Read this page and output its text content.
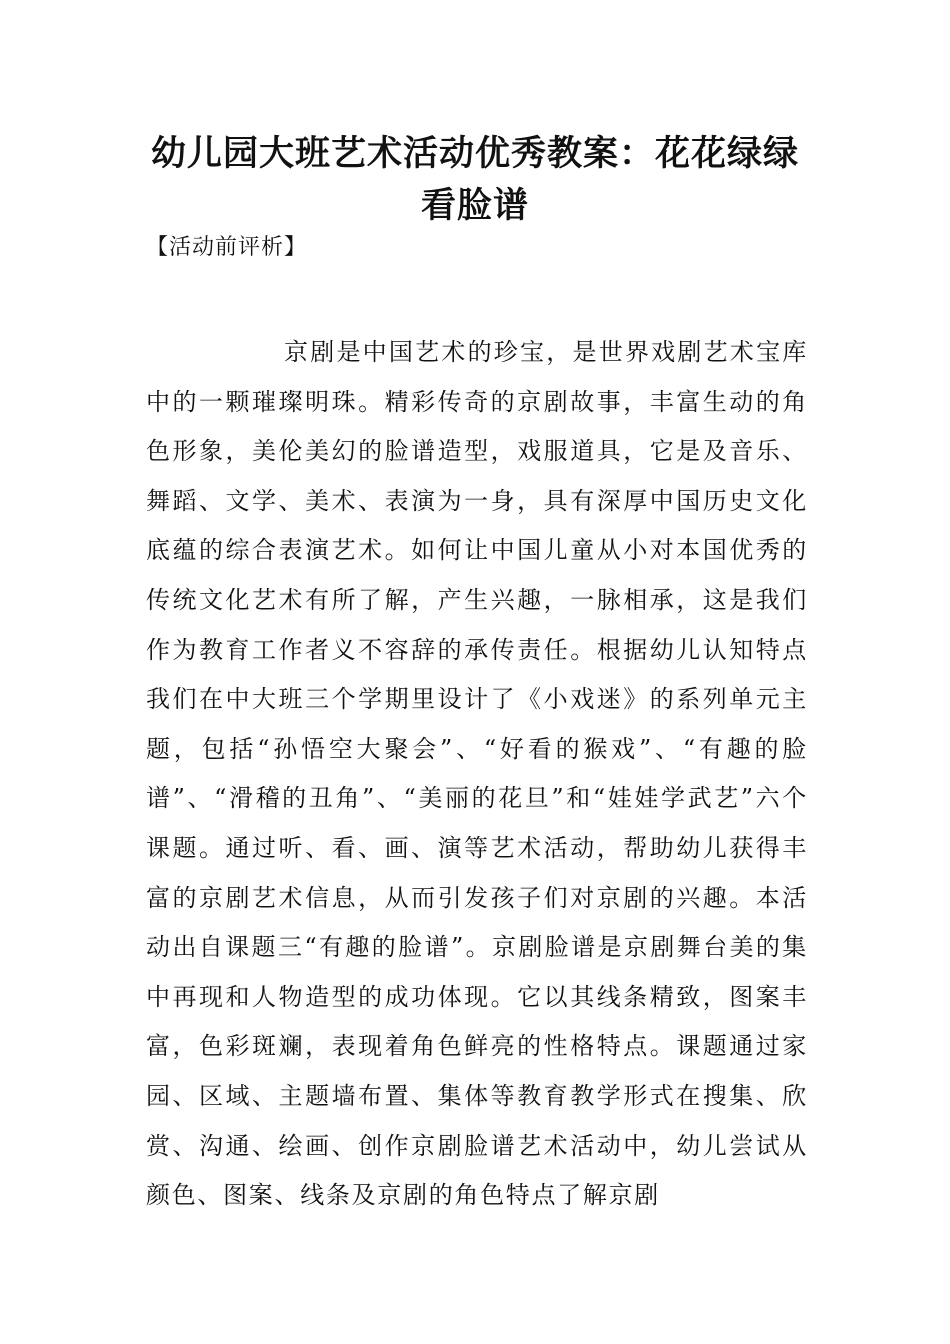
幼儿园大班艺术活动优秀教案：花花绿绿看脸谱

【活动前评析】

京剧是中国艺术的珍宝，是世界戏剧艺术宝库中的一颗璀璨明珠。精彩传奇的京剧故事，丰富生动的角色形象，美伦美幻的脸谱造型，戏服道具，它是及音乐、舞蹈、文学、美术、表演为一身，具有深厚中国历史文化底蕴的综合表演艺术。如何让中国儿童从小对本国优秀的传统文化艺术有所了解，产生兴趣，一脉相承，这是我们作为教育工作者义不容辞的承传责任。根据幼儿认知特点我们在中大班三个学期里设计了《小戏迷》的系列单元主题，包括“孙悟空大聚会”、“好看的猴戏”、“有趣的脸谱”、“滑稽的丑角”、“美丽的花旦”和“娃娃学武艺”六个课题。通过听、看、画、演等艺术活动，帮助幼儿获得丰富的京剧艺术信息，从而引发孩子们对京剧的兴趣。本活动出自课题三“有趣的脸谱”。京剧脸谱是京剧舞台美的集中再现和人物造型的成功体现。它以其线条精致，图案丰富，色彩斑斓，表现着角色鲜亮的性格特点。课题通过家园、区域、主题墙布置、集体等教育教学形式在搜集、欣赏、沟通、绘画、创作京剧脸谱艺术活动中，幼儿尝试从颜色、图案、线条及京剧的角色特点了解京剧
